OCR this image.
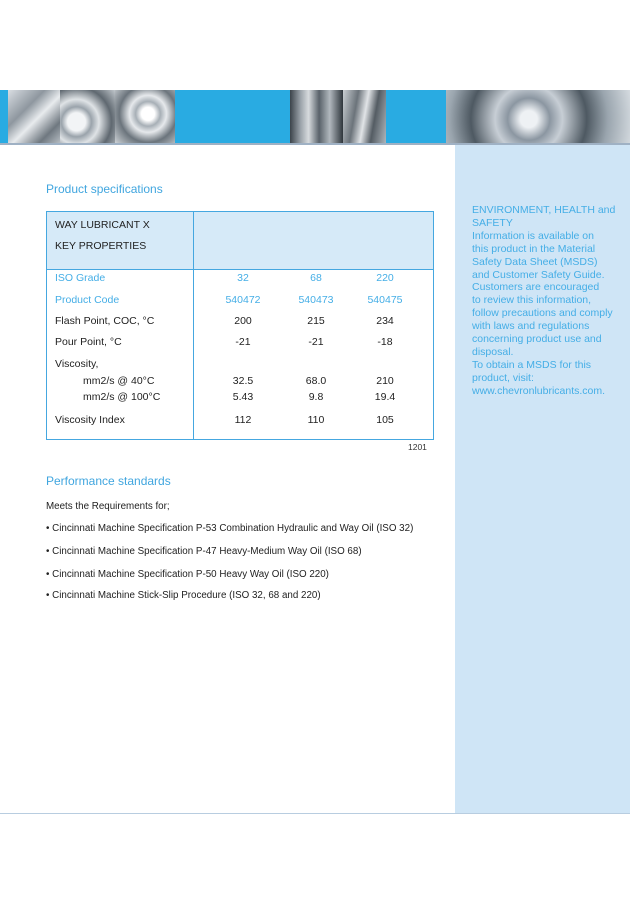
ENVIRONMENT, HEALTH and

SAFETY

Information is available on

this product in the Material

Safety Data Sheet (MSDS)

and Customer Safety Guide.

Customers are encouraged

to review this information,

follow precautions and comply

with laws and regulations

concerning product use and

disposal.

To obtain a MSDS for this

product, visit:

www.chevronlubricants.com.

Product specifications
WAY LUBRICANT X
KEY PROPERTIES
ISO Grade	32	68	220
Product Code	540472	540473	540475
Flash Point, COC, °C	200	215	234
Pour Point, °C	-21	-21	-18
Viscosity,
mm2/s @ 40°C	32.5	68.0	210
mm2/s @ 100°C	5.43	9.8	19.4
Viscosity Index	112	110	105
1201
Performance standards
Meets the Requirements for;
• Cincinnati Machine Specification P-53 Combination Hydraulic and Way Oil (ISO 32)
• Cincinnati Machine Specification P-47 Heavy-Medium Way Oil (ISO 68)
• Cincinnati Machine Specification P-50 Heavy Way Oil (ISO 220)
• Cincinnati Machine Stick-Slip Procedure (ISO 32, 68 and 220)
